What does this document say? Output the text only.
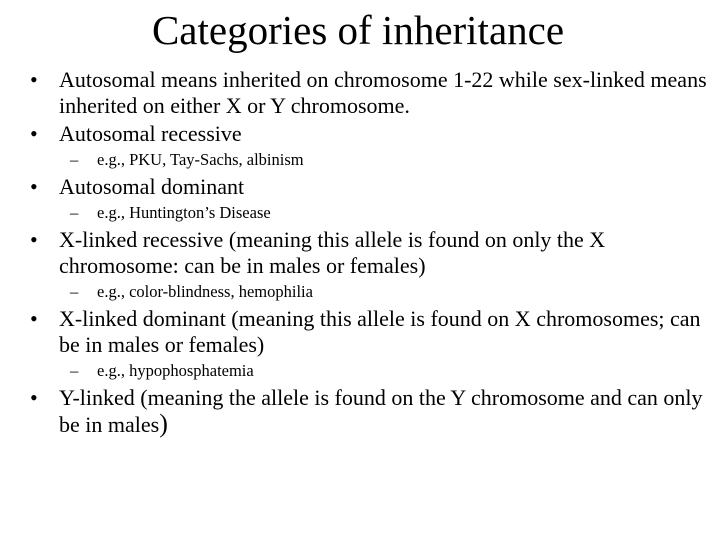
Categories of inheritance
• Autosomal means inherited on chromosome 1-22 while sex-linked means inherited on either X or Y chromosome.
• Autosomal recessive
– e.g., PKU, Tay-Sachs, albinism
• Autosomal dominant
– e.g., Huntington’s Disease
• X-linked recessive (meaning this allele is found on only the X chromosome: can be in males or females)
– e.g., color-blindness, hemophilia
• X-linked dominant (meaning this allele is found on X chromosomes; can be in males or females)
– e.g., hypophosphatemia
• Y-linked (meaning the allele is found on the Y chromosome and can only be in males)
